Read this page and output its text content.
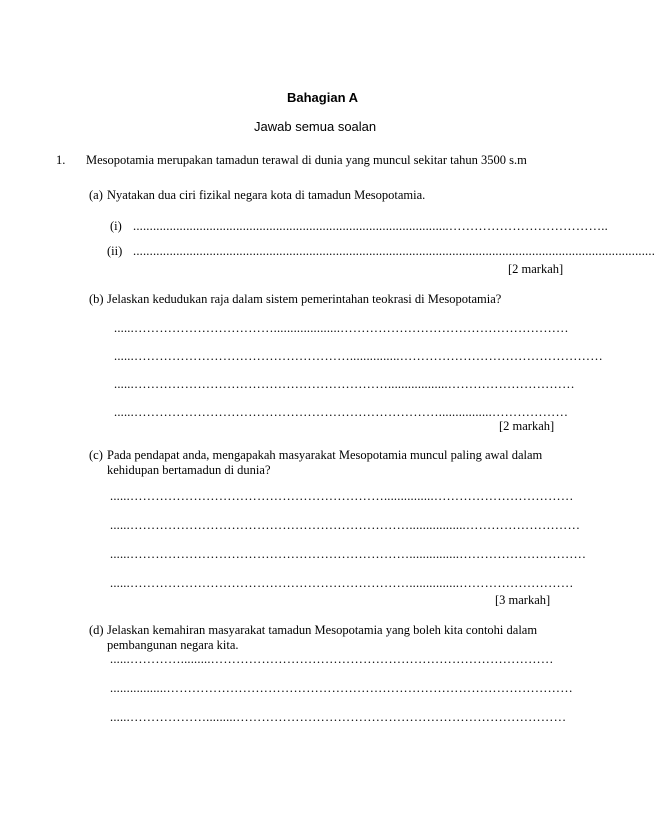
Bahagian A
Jawab semua soalan
1. Mesopotamia merupakan tamadun terawal di dunia yang muncul sekitar tahun 3500 s.m
(a) Nyatakan dua ciri fizikal negara kota di tamadun Mesopotamia.
(i) ...............................................................................................………………………………..
(ii) .............................................................................................................................................................
[2 markah]
(b) Jelaskan kedudukan raja dalam sistem pemerintahan teokrasi di Mesopotamia?
......……………………………....................………………………………………………
......……………………………………………...............…………………………………………
......……………………………………………………..................…………………………
......………………………………………………………………................………………
[2 markah]
(c) Pada pendapat anda, mengapakah masyarakat Mesopotamia muncul paling awal dalam
kehidupan bertamadun di dunia?
......……………………………………………………...............……………………………
......………………………………………………………….................………………………
......…………………………………………………………...............…………………………
......…………………………………………………………...............………………………
[3 markah]
(d) Jelaskan kemahiran masyarakat tamadun Mesopotamia yang boleh kita contohi dalam
pembangunan negara kita.
......………….........………………………………………………………………………
.................……………………………………………………………………………………
......……………….........……………………………………………………………………
